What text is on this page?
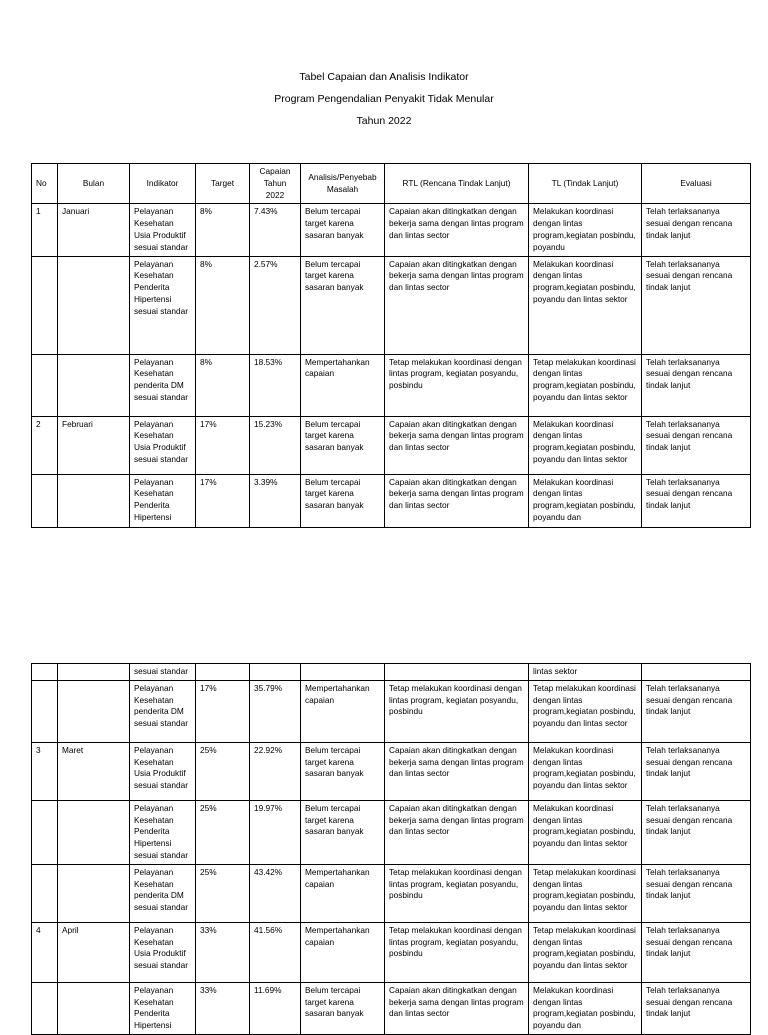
Tabel Capaian dan Analisis Indikator
Program Pengendalian Penyakit Tidak Menular
Tahun 2022
No	Bulan	Indikator	Target	Capaian Tahun 2022	Analisis/Penyebab Masalah	RTL (Rencana Tindak Lanjut)	TL (Tindak Lanjut)	Evaluasi
1	Januari	Pelayanan Kesehatan Usia Produktif sesuai standar	8%	7.43%	Belum tercapai target karena sasaran banyak	Capaian akan ditingkatkan dengan bekerja sama dengan lintas program dan lintas sector	Melakukan koordinasi dengan lintas program,kegiatan posbindu, poyandu	Telah terlaksananya sesuai dengan rencana tindak lanjut
		Pelayanan Kesehatan Penderita Hipertensi sesuai standar	8%	2.57%	Belum tercapai target karena sasaran banyak	Capaian akan ditingkatkan dengan bekerja sama dengan lintas program dan lintas sector	Melakukan koordinasi dengan lintas program,kegiatan posbindu, poyandu dan lintas sektor	Telah terlaksananya sesuai dengan rencana tindak lanjut
		Pelayanan Kesehatan penderita DM sesuai standar	8%	18.53%	Mempertahankan capaian	Tetap melakukan koordinasi dengan lintas program, kegiatan posyandu, posbindu	Tetap melakukan koordinasi dengan lintas program,kegiatan posbindu, poyandu dan lintas sektor	Telah terlaksananya sesuai dengan rencana tindak lanjut
2	Februari	Pelayanan Kesehatan Usia Produktif sesuai standar	17%	15.23%	Belum tercapai target karena sasaran banyak	Capaian akan ditingkatkan dengan bekerja sama dengan lintas program dan lintas sector	Melakukan koordinasi dengan lintas program,kegiatan posbindu, poyandu dan lintas sektor	Telah terlaksananya sesuai dengan rencana tindak lanjut
		Pelayanan Kesehatan Penderita Hipertensi	17%	3.39%	Belum tercapai target karena sasaran banyak	Capaian akan ditingkatkan dengan bekerja sama dengan lintas program dan lintas sector	Melakukan koordinasi dengan lintas program,kegiatan posbindu, poyandu dan	Telah terlaksananya sesuai dengan rencana tindak lanjut
		sesuai standar					lintas sektor	
		Pelayanan Kesehatan penderita DM sesuai standar	17%	35.79%	Mempertahankan capaian	Tetap melakukan koordinasi dengan lintas program, kegiatan posyandu, posbindu	Tetap melakukan koordinasi dengan lintas program,kegiatan posbindu, poyandu dan lintas sector	Telah terlaksananya sesuai dengan rencana tindak lanjut
3	Maret	Pelayanan Kesehatan Usia Produktif sesuai standar	25%	22.92%	Belum tercapai target karena sasaran banyak	Capaian akan ditingkatkan dengan bekerja sama dengan lintas program dan lintas sector	Melakukan koordinasi dengan lintas program,kegiatan posbindu, poyandu dan lintas sektor	Telah terlaksananya sesuai dengan rencana tindak lanjut
		Pelayanan Kesehatan Penderita Hipertensi sesuai standar	25%	19.97%	Belum tercapai target karena sasaran banyak	Capaian akan ditingkatkan dengan bekerja sama dengan lintas program dan lintas sector	Melakukan koordinasi dengan lintas program,kegiatan posbindu, poyandu dan lintas sektor	Telah terlaksananya sesuai dengan rencana tindak lanjut
		Pelayanan Kesehatan penderita DM sesuai standar	25%	43.42%	Mempertahankan capaian	Tetap melakukan koordinasi dengan lintas program, kegiatan posyandu, posbindu	Tetap melakukan koordinasi dengan lintas program,kegiatan posbindu, poyandu dan lintas sektor	Telah terlaksananya sesuai dengan rencana tindak lanjut
4	April	Pelayanan Kesehatan Usia Produktif sesuai standar	33%	41.56%	Mempertahankan capaian	Tetap melakukan koordinasi dengan lintas program, kegiatan posyandu, posbindu	Tetap melakukan koordinasi dengan lintas program,kegiatan posbindu, poyandu dan lintas sektor	Telah terlaksananya sesuai dengan rencana tindak lanjut
		Pelayanan Kesehatan Penderita Hipertensi	33%	11.69%	Belum tercapai target karena sasaran banyak	Capaian akan ditingkatkan dengan bekerja sama dengan lintas program dan lintas sector	Melakukan koordinasi dengan lintas program,kegiatan posbindu, poyandu dan	Telah terlaksananya sesuai dengan rencana tindak lanjut
